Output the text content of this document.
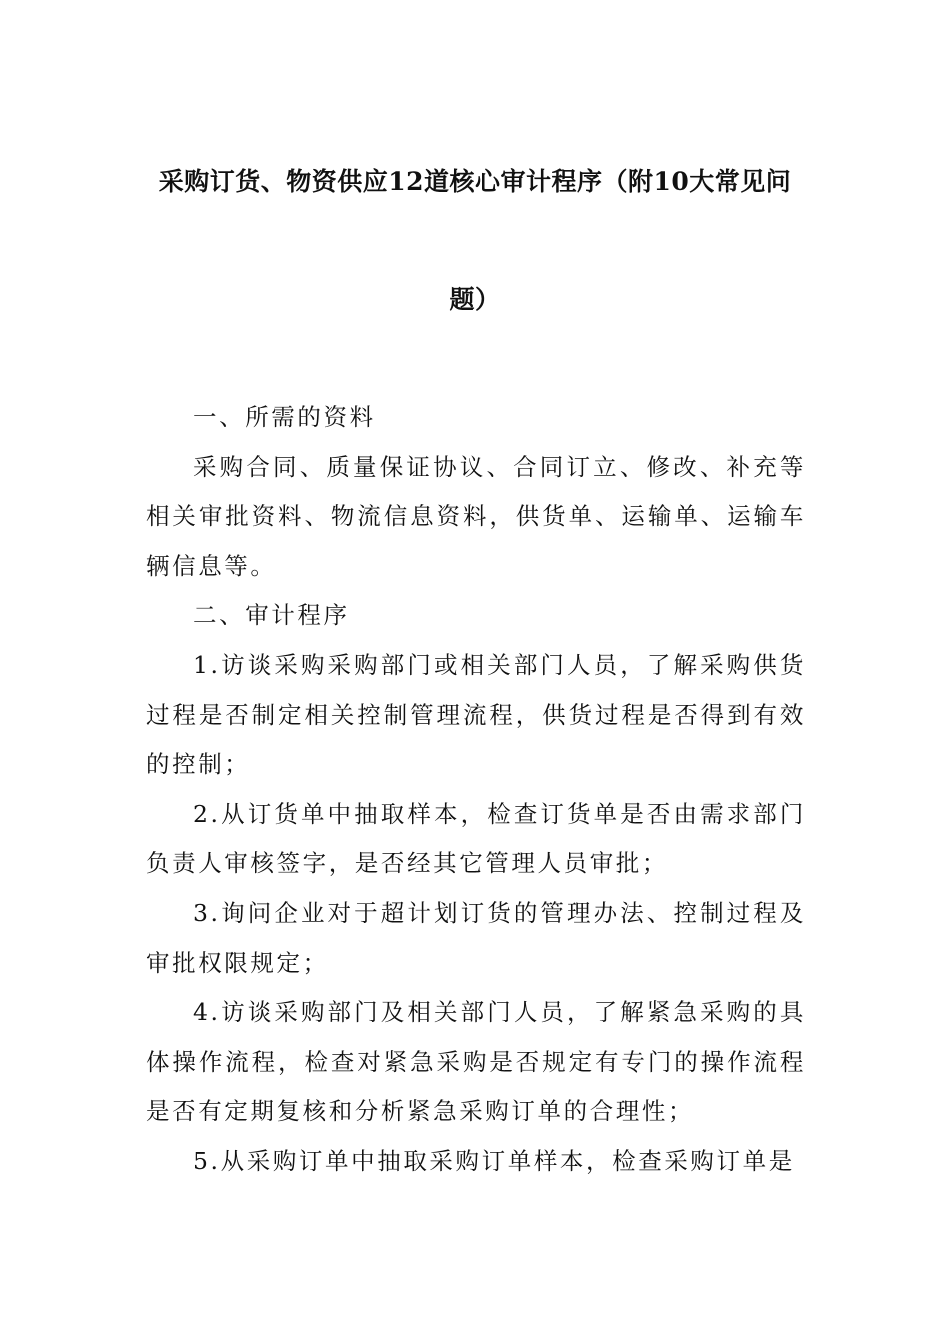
采购订货、物资供应12道核心审计程序（附10大常见问
题）

一、所需的资料

采购合同、质量保证协议、合同订立、修改、补充等相关审批资料、物流信息资料，供货单、运输单、运输车辆信息等。

二、审计程序

1.访谈采购采购部门或相关部门人员，了解采购供货过程是否制定相关控制管理流程，供货过程是否得到有效的控制；

2.从订货单中抽取样本，检查订货单是否由需求部门负责人审核签字，是否经其它管理人员审批；

3.询问企业对于超计划订货的管理办法、控制过程及审批权限规定；

4.访谈采购部门及相关部门人员，了解紧急采购的具体操作流程，检查对紧急采购是否规定有专门的操作流程是否有定期复核和分析紧急采购订单的合理性；

5.从采购订单中抽取采购订单样本，检查采购订单是
